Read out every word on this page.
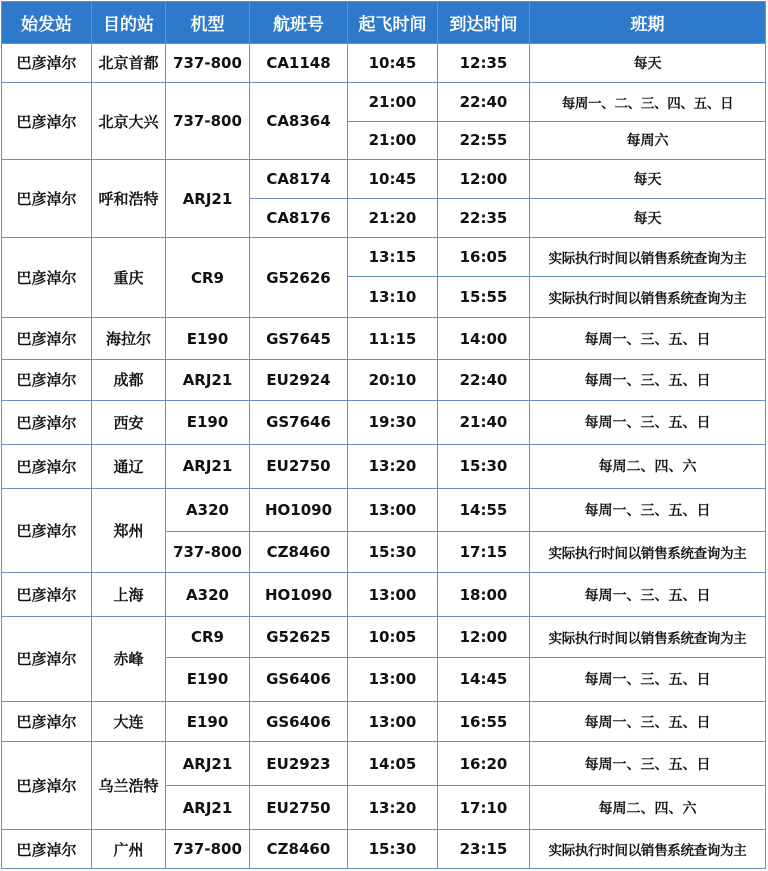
始发站	目的站	机型	航班号	起飞时间	到达时间	班期
巴彦淖尔	北京首都	737-800	CA1148	10:45	12:35	每天
巴彦淖尔	北京大兴	737-800	CA8364	21:00	22:40	每周一、二、三、四、五、日
				21:00	22:55	每周六
巴彦淖尔	呼和浩特	ARJ21	CA8174	10:45	12:00	每天
			CA8176	21:20	22:35	每天
巴彦淖尔	重庆	CR9	G52626	13:15	16:05	实际执行时间以销售系统查询为主
				13:10	15:55	实际执行时间以销售系统查询为主
巴彦淖尔	海拉尔	E190	GS7645	11:15	14:00	每周一、三、五、日
巴彦淖尔	成都	ARJ21	EU2924	20:10	22:40	每周一、三、五、日
巴彦淖尔	西安	E190	GS7646	19:30	21:40	每周一、三、五、日
巴彦淖尔	通辽	ARJ21	EU2750	13:20	15:30	每周二、四、六
巴彦淖尔	郑州	A320	HO1090	13:00	14:55	每周一、三、五、日
		737-800	CZ8460	15:30	17:15	实际执行时间以销售系统查询为主
巴彦淖尔	上海	A320	HO1090	13:00	18:00	每周一、三、五、日
巴彦淖尔	赤峰	CR9	G52625	10:05	12:00	实际执行时间以销售系统查询为主
		E190	GS6406	13:00	14:45	每周一、三、五、日
巴彦淖尔	大连	E190	GS6406	13:00	16:55	每周一、三、五、日
巴彦淖尔	乌兰浩特	ARJ21	EU2923	14:05	16:20	每周一、三、五、日
		ARJ21	EU2750	13:20	17:10	每周二、四、六
巴彦淖尔	广州	737-800	CZ8460	15:30	23:15	实际执行时间以销售系统查询为主
